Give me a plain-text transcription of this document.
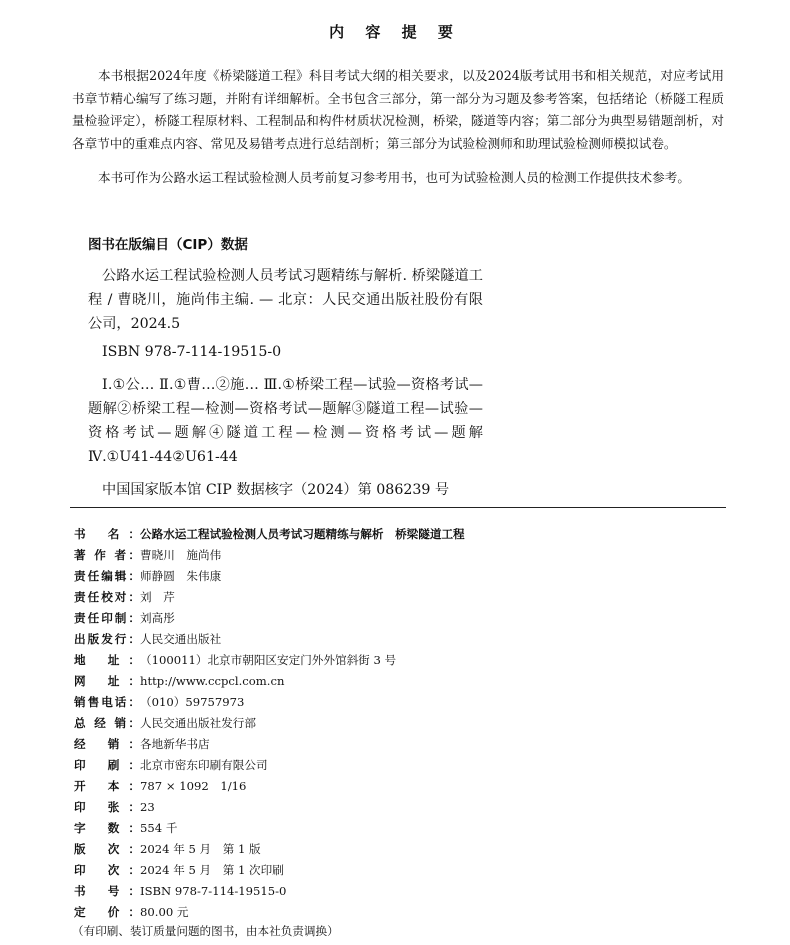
内 容 提 要
本书根据2024年度《桥梁隧道工程》科目考试大纲的相关要求，以及2024版考试用书和相关规范，对应考试用书章节精心编写了练习题，并附有详细解析。全书包含三部分，第一部分为习题及参考答案，包括绪论（桥隧工程质量检验评定），桥隧工程原材料、工程制品和构件材质状况检测，桥梁，隧道等内容；第二部分为典型易错题剖析，对各章节中的重难点内容、常见及易错考点进行总结剖析；第三部分为试验检测师和助理试验检测师模拟试卷。
本书可作为公路水运工程试验检测人员考前复习参考用书，也可为试验检测人员的检测工作提供技术参考。
图书在版编目（CIP）数据
公路水运工程试验检测人员考试习题精练与解析. 桥梁隧道工程 / 曹晓川，施尚伟主编. — 北京：人民交通出版社股份有限公司，2024.5
ISBN 978-7-114-19515-0
Ⅰ.①公… Ⅱ.①曹…②施… Ⅲ.①桥梁工程—试验—资格考试—题解②桥梁工程—检测—资格考试—题解③隧道工程—试验—资格考试—题解④隧道工程—检测—资格考试—题解 Ⅳ.①U41-44②U61-44
中国国家版本馆 CIP 数据核字（2024）第 086239 号
书 名：公路水运工程试验检测人员考试习题精练与解析　桥梁隧道工程
著 作 者：曹晓川　施尚伟
责任编辑：师静圆　朱伟康
责任校对：刘　芹
责任印制：刘高彤
出版发行：人民交通出版社
地 址：（100011）北京市朝阳区安定门外外馆斜街 3 号
网 址：http://www.ccpcl.com.cn
销售电话：（010）59757973
总 经 销：人民交通出版社发行部
经 销：各地新华书店
印 刷：北京市密东印刷有限公司
开 本：787 × 1092　1/16
印 张：23
字 数：554 千
版 次：2024 年 5 月　第 1 版
印 次：2024 年 5 月　第 1 次印刷
书 号：ISBN 978-7-114-19515-0
定 价：80.00 元
（有印刷、装订质量问题的图书，由本社负责调换）
